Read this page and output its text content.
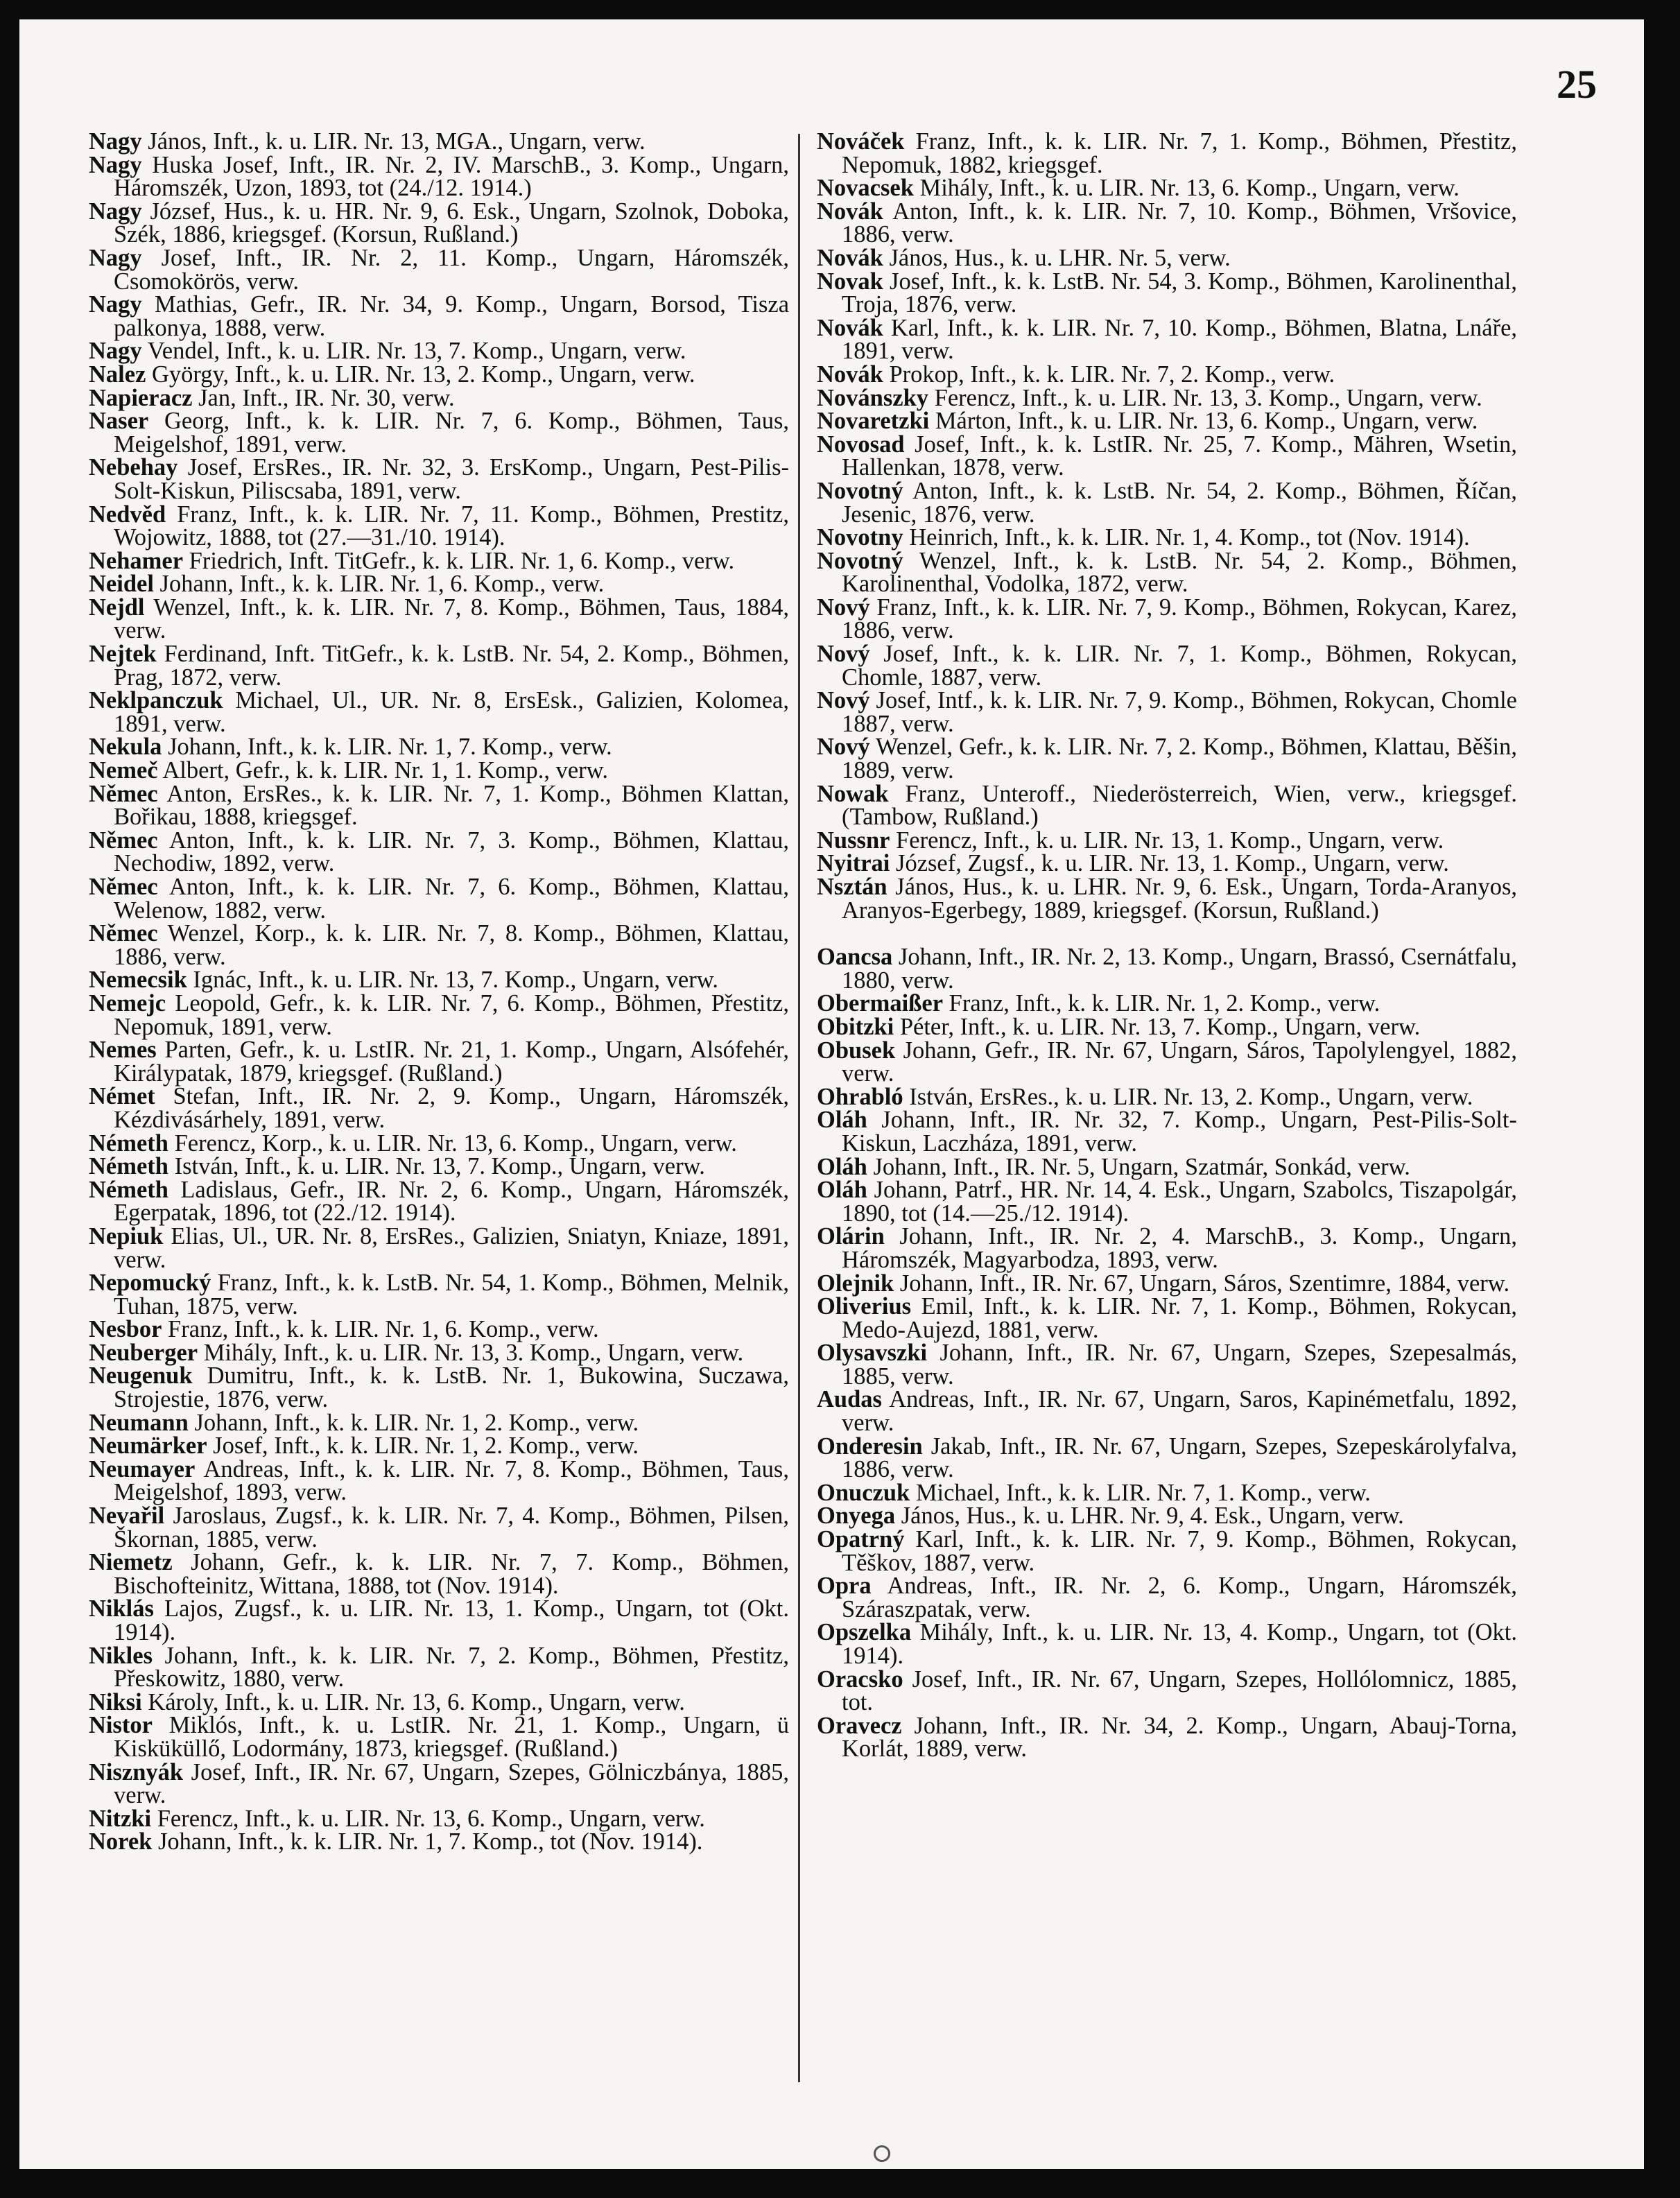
25
Nagy János, Inft., k. u. LIR. Nr. 13, MGA., Ungarn, verw.
Nagy Huska Josef, Inft., IR. Nr. 2, IV. MarschB., 3. Komp., Ungarn, Háromszék, Uzon, 1893, tot (24./12. 1914.)
Nagy József, Hus., k. u. HR. Nr. 9, 6. Esk., Ungarn, Szolnok, Doboka, Szék, 1886, kriegsgef. (Korsun, Rußland.)
Nagy Josef, Inft., IR. Nr. 2, 11. Komp., Ungarn, Háromszék, Csomokörös, verw.
Nagy Mathias, Gefr., IR. Nr. 34, 9. Komp., Ungarn, Borsod, Tisza palkonya, 1888, verw.
Nagy Vendel, Inft., k. u. LIR. Nr. 13, 7. Komp., Ungarn, verw.
Nalez György, Inft., k. u. LIR. Nr. 13, 2. Komp., Ungarn, verw.
Napieracz Jan, Inft., IR. Nr. 30, verw.
Naser Georg, Inft., k. k. LIR. Nr. 7, 6. Komp., Böhmen, Taus, Meigelshof, 1891, verw.
Nebehay Josef, ErsRes., IR. Nr. 32, 3. ErsKomp., Ungarn, Pest-Pilis-Solt-Kiskun, Piliscsaba, 1891, verw.
Nedvěd Franz, Inft., k. k. LIR. Nr. 7, 11. Komp., Böhmen, Prestitz, Wojowitz, 1888, tot (27.—31./10. 1914).
Nehamer Friedrich, Inft. TitGefr., k. k. LIR. Nr. 1, 6. Komp., verw.
Neidel Johann, Inft., k. k. LIR. Nr. 1, 6. Komp., verw.
Nejdl Wenzel, Inft., k. k. LIR. Nr. 7, 8. Komp., Böhmen, Taus, 1884, verw.
Nejtek Ferdinand, Inft. TitGefr., k. k. LstB. Nr. 54, 2. Komp., Böhmen, Prag, 1872, verw.
Neklpanczuk Michael, Ul., UR. Nr. 8, ErsEsk., Galizien, Kolomea, 1891, verw.
Nekula Johann, Inft., k. k. LIR. Nr. 1, 7. Komp., verw.
Nemeč Albert, Gefr., k. k. LIR. Nr. 1, 1. Komp., verw.
Němec Anton, ErsRes., k. k. LIR. Nr. 7, 1. Komp., Böhmen Klattan, Bořikau, 1888, kriegsgef.
Němec Anton, Inft., k. k. LIR. Nr. 7, 3. Komp., Böhmen, Klattau, Nechodiw, 1892, verw.
Němec Anton, Inft., k. k. LIR. Nr. 7, 6. Komp., Böhmen, Klattau, Welenow, 1882, verw.
Němec Wenzel, Korp., k. k. LIR. Nr. 7, 8. Komp., Böhmen, Klattau, 1886, verw.
Nemecsik Ignác, Inft., k. u. LIR. Nr. 13, 7. Komp., Ungarn, verw.
Nemejc Leopold, Gefr., k. k. LIR. Nr. 7, 6. Komp., Böhmen, Přestitz, Nepomuk, 1891, verw.
Nemes Parten, Gefr., k. u. LstIR. Nr. 21, 1. Komp., Ungarn, Alsófehér, Királypatak, 1879, kriegsgef. (Rußland.)
Német Stefan, Inft., IR. Nr. 2, 9. Komp., Ungarn, Háromszék, Kézdivásárhely, 1891, verw.
Németh Ferencz, Korp., k. u. LIR. Nr. 13, 6. Komp., Ungarn, verw.
Németh István, Inft., k. u. LIR. Nr. 13, 7. Komp., Ungarn, verw.
Németh Ladislaus, Gefr., IR. Nr. 2, 6. Komp., Ungarn, Háromszék, Egerpatak, 1896, tot (22./12. 1914).
Nepiuk Elias, Ul., UR. Nr. 8, ErsRes., Galizien, Sniatyn, Kniaze, 1891, verw.
Nepomucký Franz, Inft., k. k. LstB. Nr. 54, 1. Komp., Böhmen, Melnik, Tuhan, 1875, verw.
Nesbor Franz, Inft., k. k. LIR. Nr. 1, 6. Komp., verw.
Neuberger Mihály, Inft., k. u. LIR. Nr. 13, 3. Komp., Ungarn, verw.
Neugenuk Dumitru, Inft., k. k. LstB. Nr. 1, Bukowina, Suczawa, Strojestie, 1876, verw.
Neumann Johann, Inft., k. k. LIR. Nr. 1, 2. Komp., verw.
Neumärker Josef, Inft., k. k. LIR. Nr. 1, 2. Komp., verw.
Neumayer Andreas, Inft., k. k. LIR. Nr. 7, 8. Komp., Böhmen, Taus, Meigelshof, 1893, verw.
Nevařil Jaroslaus, Zugsf., k. k. LIR. Nr. 7, 4. Komp., Böhmen, Pilsen, Škornan, 1885, verw.
Niemetz Johann, Gefr., k. k. LIR. Nr. 7, 7. Komp., Böhmen, Bischofteinitz, Wittana, 1888, tot (Nov. 1914).
Niklás Lajos, Zugsf., k. u. LIR. Nr. 13, 1. Komp., Ungarn, tot (Okt. 1914).
Nikles Johann, Inft., k. k. LIR. Nr. 7, 2. Komp., Böhmen, Přestitz, Přeskowitz, 1880, verw.
Niksi Károly, Inft., k. u. LIR. Nr. 13, 6. Komp., Ungarn, verw.
Nistor Miklós, Inft., k. u. LstIR. Nr. 21, 1. Komp., Ungarn, ü Kisküküllő, Lodormány, 1873, kriegsgef. (Rußland.)
Nisznyák Josef, Inft., IR. Nr. 67, Ungarn, Szepes, Gölniczbánya, 1885, verw.
Nitzki Ferencz, Inft., k. u. LIR. Nr. 13, 6. Komp., Ungarn, verw.
Norek Johann, Inft., k. k. LIR. Nr. 1, 7. Komp., tot (Nov. 1914).
Nováček Franz, Inft., k. k. LIR. Nr. 7, 1. Komp., Böhmen, Přestitz, Nepomuk, 1882, kriegsgef.
Novacsek Mihály, Inft., k. u. LIR. Nr. 13, 6. Komp., Ungarn, verw.
Novák Anton, Inft., k. k. LIR. Nr. 7, 10. Komp., Böhmen, Vršovice, 1886, verw.
Novák János, Hus., k. u. LHR. Nr. 5, verw.
Novak Josef, Inft., k. k. LstB. Nr. 54, 3. Komp., Böhmen, Karolinenthal, Troja, 1876, verw.
Novák Karl, Inft., k. k. LIR. Nr. 7, 10. Komp., Böhmen, Blatna, Lnáře, 1891, verw.
Novák Prokop, Inft., k. k. LIR. Nr. 7, 2. Komp., verw.
Novánszky Ferencz, Inft., k. u. LIR. Nr. 13, 3. Komp., Ungarn, verw.
Novaretzki Márton, Inft., k. u. LIR. Nr. 13, 6. Komp., Ungarn, verw.
Novosad Josef, Inft., k. k. LstIR. Nr. 25, 7. Komp., Mähren, Wsetin, Hallenkan, 1878, verw.
Novotný Anton, Inft., k. k. LstB. Nr. 54, 2. Komp., Böhmen, Říčan, Jesenic, 1876, verw.
Novotny Heinrich, Inft., k. k. LIR. Nr. 1, 4. Komp., tot (Nov. 1914).
Novotný Wenzel, Inft., k. k. LstB. Nr. 54, 2. Komp., Böhmen, Karolinenthal, Vodolka, 1872, verw.
Nový Franz, Inft., k. k. LIR. Nr. 7, 9. Komp., Böhmen, Rokycan, Karez, 1886, verw.
Nový Josef, Inft., k. k. LIR. Nr. 7, 1. Komp., Böhmen, Rokycan, Chomle, 1887, verw.
Nový Josef, Intf., k. k. LIR. Nr. 7, 9. Komp., Böhmen, Rokycan, Chomle 1887, verw.
Nový Wenzel, Gefr., k. k. LIR. Nr. 7, 2. Komp., Böhmen, Klattau, Běšin, 1889, verw.
Nowak Franz, Unteroff., Niederösterreich, Wien, verw., kriegsgef. (Tambow, Rußland.)
Nussnr Ferencz, Inft., k. u. LIR. Nr. 13, 1. Komp., Ungarn, verw.
Nyitrai József, Zugsf., k. u. LIR. Nr. 13, 1. Komp., Ungarn, verw.
Nsztán János, Hus., k. u. LHR. Nr. 9, 6. Esk., Ungarn, Torda-Aranyos, Aranyos-Egerbegy, 1889, kriegsgef. (Korsun, Rußland.)
Oancsa Johann, Inft., IR. Nr. 2, 13. Komp., Ungarn, Brassó, Csernátfalu, 1880, verw.
Obermaißer Franz, Inft., k. k. LIR. Nr. 1, 2. Komp., verw.
Obitzki Péter, Inft., k. u. LIR. Nr. 13, 7. Komp., Ungarn, verw.
Obusek Johann, Gefr., IR. Nr. 67, Ungarn, Sáros, Tapolylengyel, 1882, verw.
Ohrabló István, ErsRes., k. u. LIR. Nr. 13, 2. Komp., Ungarn, verw.
Oláh Johann, Inft., IR. Nr. 32, 7. Komp., Ungarn, Pest-Pilis-Solt-Kiskun, Laczháza, 1891, verw.
Oláh Johann, Inft., IR. Nr. 5, Ungarn, Szatmár, Sonkád, verw.
Oláh Johann, Patrf., HR. Nr. 14, 4. Esk., Ungarn, Szabolcs, Tiszapolgár, 1890, tot (14.—25./12. 1914).
Olárin Johann, Inft., IR. Nr. 2, 4. MarschB., 3. Komp., Ungarn, Háromszék, Magyarbodza, 1893, verw.
Olejnik Johann, Inft., IR. Nr. 67, Ungarn, Sáros, Szentimre, 1884, verw.
Oliverius Emil, Inft., k. k. LIR. Nr. 7, 1. Komp., Böhmen, Rokycan, Medo-Aujezd, 1881, verw.
Olysavszki Johann, Inft., IR. Nr. 67, Ungarn, Szepes, Szepesalmás, 1885, verw.
Audas Andreas, Inft., IR. Nr. 67, Ungarn, Saros, Kapinémetfalu, 1892, verw.
Onderesin Jakab, Inft., IR. Nr. 67, Ungarn, Szepes, Szepeskárolyfalva, 1886, verw.
Onuczuk Michael, Inft., k. k. LIR. Nr. 7, 1. Komp., verw.
Onyega János, Hus., k. u. LHR. Nr. 9, 4. Esk., Ungarn, verw.
Opatrný Karl, Inft., k. k. LIR. Nr. 7, 9. Komp., Böhmen, Rokycan, Těškov, 1887, verw.
Opra Andreas, Inft., IR. Nr. 2, 6. Komp., Ungarn, Háromszék, Száraszpatak, verw.
Opszelka Mihály, Inft., k. u. LIR. Nr. 13, 4. Komp., Ungarn, tot (Okt. 1914).
Oracsko Josef, Inft., IR. Nr. 67, Ungarn, Szepes, Hollólomnicz, 1885, tot.
Oravecz Johann, Inft., IR. Nr. 34, 2. Komp., Ungarn, Abauj-Torna, Korlát, 1889, verw.
